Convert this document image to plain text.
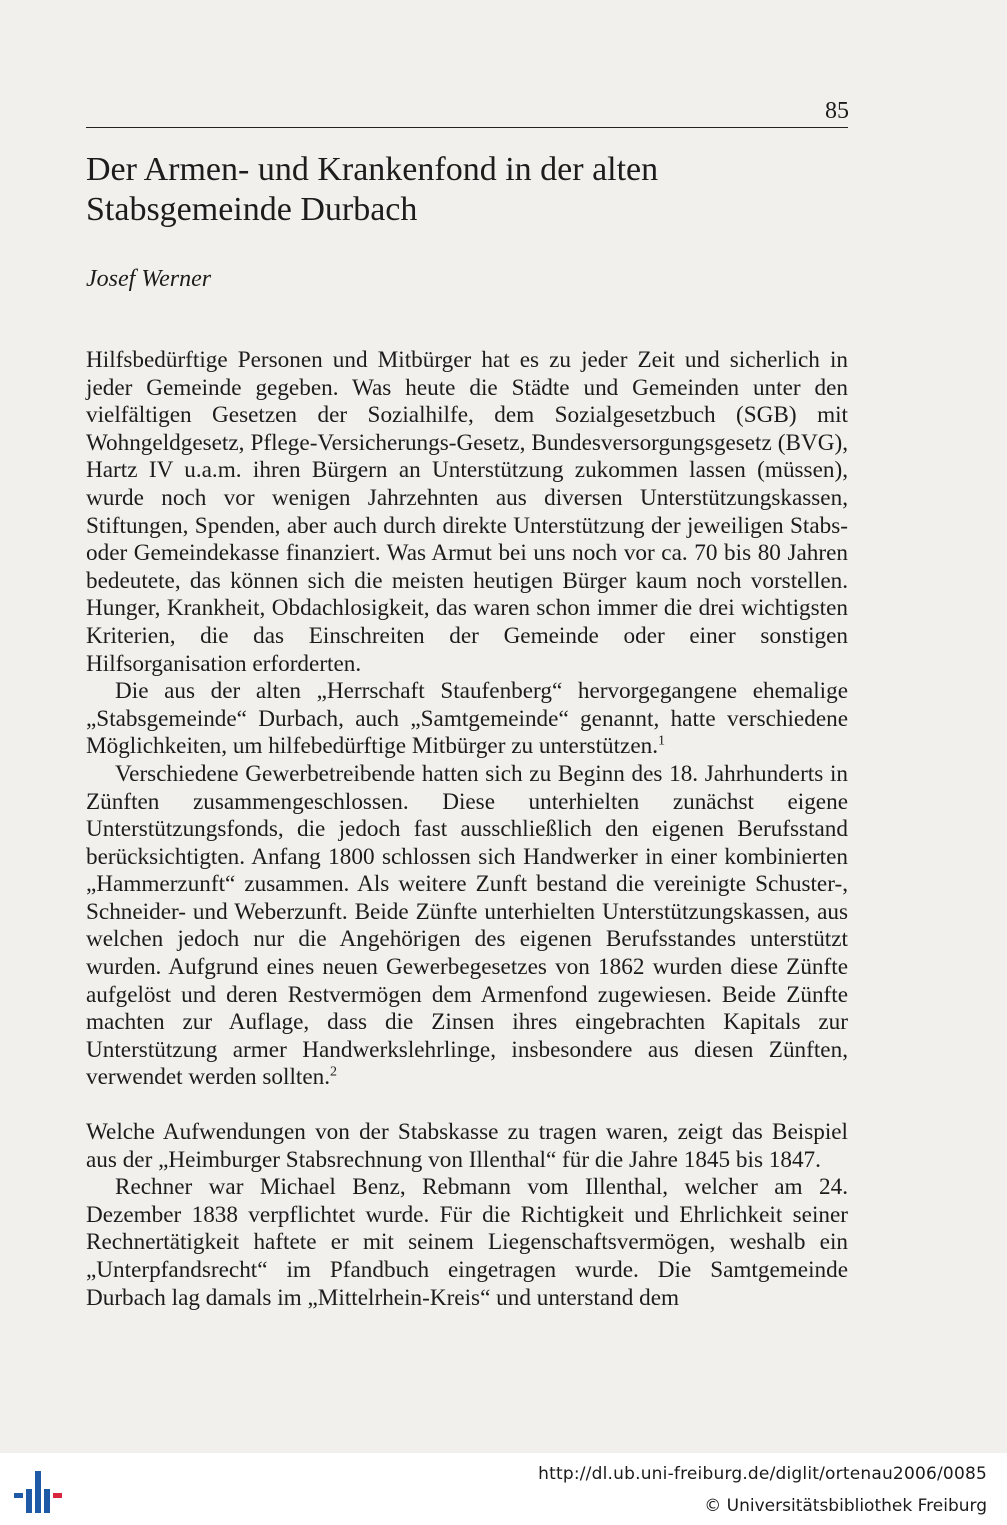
85
Der Armen- und Krankenfond in der alten
Stabsgemeinde Durbach
Josef Werner

Hilfsbedürftige Personen und Mitbürger hat es zu jeder Zeit und sicherlich in jeder Gemeinde gegeben. Was heute die Städte und Gemeinden unter den vielfältigen Gesetzen der Sozialhilfe, dem Sozialgesetzbuch (SGB) mit Wohngeldgesetz, Pflege-Versicherungs-Gesetz, Bundesversorgungsgesetz (BVG), Hartz IV u.a.m. ihren Bürgern an Unterstützung zukommen lassen (müssen), wurde noch vor wenigen Jahrzehnten aus diversen Unterstützungskassen, Stiftungen, Spenden, aber auch durch direkte Unterstützung der jeweiligen Stabs- oder Gemeindekasse finanziert. Was Armut bei uns noch vor ca. 70 bis 80 Jahren bedeutete, das können sich die meisten heutigen Bürger kaum noch vorstellen. Hunger, Krankheit, Obdachlosigkeit, das waren schon immer die drei wichtigsten Kriterien, die das Einschreiten der Gemeinde oder einer sonstigen Hilfsorganisation erforderten.

Die aus der alten „Herrschaft Staufenberg“ hervorgegangene ehemalige „Stabsgemeinde“ Durbach, auch „Samtgemeinde“ genannt, hatte verschiedene Möglichkeiten, um hilfebedürftige Mitbürger zu unterstützen.$^1$

Verschiedene Gewerbetreibende hatten sich zu Beginn des 18. Jahrhunderts in Zünften zusammengeschlossen. Diese unterhielten zunächst eigene Unterstützungsfonds, die jedoch fast ausschließlich den eigenen Berufsstand berücksichtigten. Anfang 1800 schlossen sich Handwerker in einer kombinierten „Hammerzunft“ zusammen. Als weitere Zunft bestand die vereinigte Schuster-, Schneider- und Weberzunft. Beide Zünfte unterhielten Unterstützungskassen, aus welchen jedoch nur die Angehörigen des eigenen Berufsstandes unterstützt wurden. Aufgrund eines neuen Gewerbegesetzes von 1862 wurden diese Zünfte aufgelöst und deren Restvermögen dem Armenfond zugewiesen. Beide Zünfte machten zur Auflage, dass die Zinsen ihres eingebrachten Kapitals zur Unterstützung armer Handwerkslehrlinge, insbesondere aus diesen Zünften, verwendet werden sollten.$^2$

Welche Aufwendungen von der Stabskasse zu tragen waren, zeigt das Beispiel aus der „Heimburger Stabsrechnung von Illenthal“ für die Jahre 1845 bis 1847.

Rechner war Michael Benz, Rebmann vom Illenthal, welcher am 24. Dezember 1838 verpflichtet wurde. Für die Richtigkeit und Ehrlichkeit seiner Rechnertätigkeit haftete er mit seinem Liegenschaftsvermögen, weshalb ein „Unterpfandsrecht“ im Pfandbuch eingetragen wurde. Die Samtgemeinde Durbach lag damals im „Mittelrhein-Kreis“ und unterstand dem

http://dl.ub.uni-freiburg.de/diglit/ortenau2006/0085
© Universitätsbibliothek Freiburg
